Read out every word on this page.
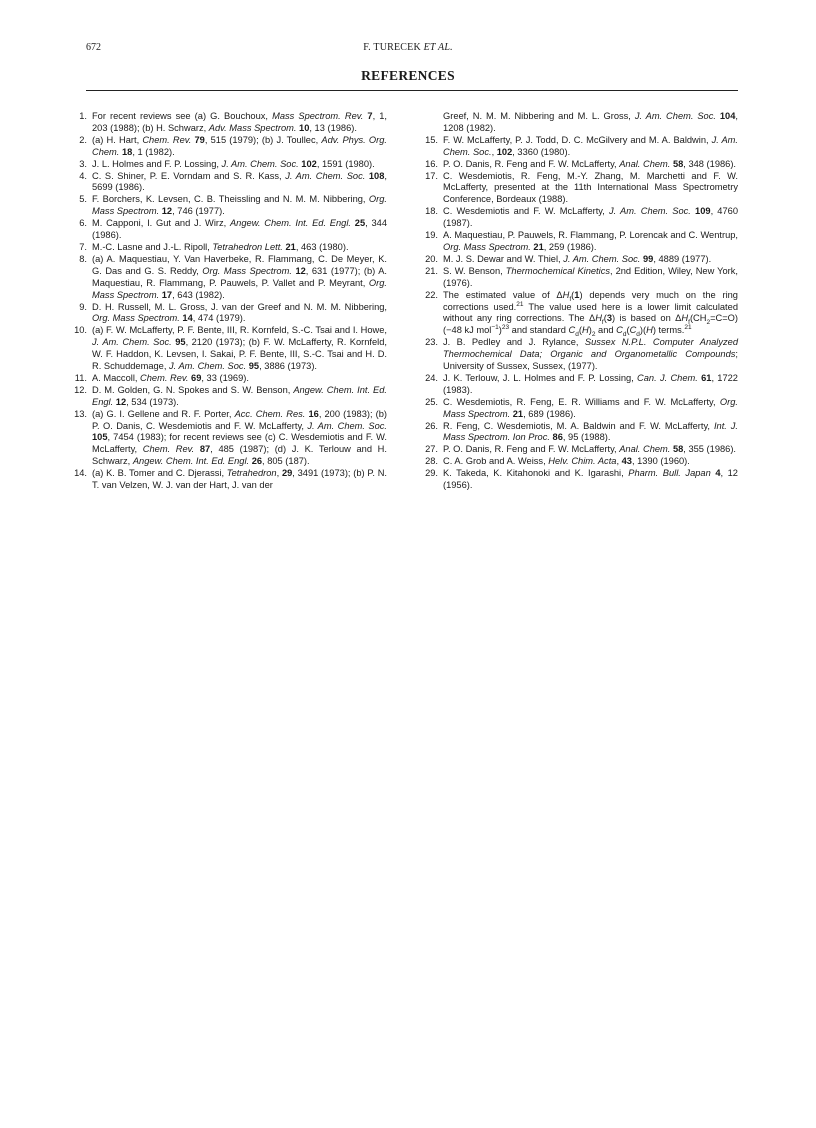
672	F. TURECEK ET AL.
REFERENCES
1. For recent reviews see (a) G. Bouchoux, Mass Spectrom. Rev. 7, 1, 203 (1988); (b) H. Schwarz, Adv. Mass Spectrom. 10, 13 (1986).
2. (a) H. Hart, Chem. Rev. 79, 515 (1979); (b) J. Toullec, Adv. Phys. Org. Chem. 18, 1 (1982).
3. J. L. Holmes and F. P. Lossing, J. Am. Chem. Soc. 102, 1591 (1980).
4. C. S. Shiner, P. E. Vorndam and S. R. Kass, J. Am. Chem. Soc. 108, 5699 (1986).
5. F. Borchers, K. Levsen, C. B. Theissling and N. M. M. Nibbering, Org. Mass Spectrom. 12, 746 (1977).
6. M. Capponi, I. Gut and J. Wirz, Angew. Chem. Int. Ed. Engl. 25, 344 (1986).
7. M.-C. Lasne and J.-L. Ripoll, Tetrahedron Lett. 21, 463 (1980).
8. (a) A. Maquestiau, Y. Van Haverbeke, R. Flammang, C. De Meyer, K. G. Das and G. S. Reddy, Org. Mass Spectrom. 12, 631 (1977); (b) A. Maquestiau, R. Flammang, P. Pauwels, P. Vallet and P. Meyrant, Org. Mass Spectrom. 17, 643 (1982).
9. D. H. Russell, M. L. Gross, J. van der Greef and N. M. M. Nibbering, Org. Mass Spectrom. 14, 474 (1979).
10. (a) F. W. McLafferty, P. F. Bente, III, R. Kornfeld, S.-C. Tsai and I. Howe, J. Am. Chem. Soc. 95, 2120 (1973); (b) F. W. McLafferty, R. Kornfeld, W. F. Haddon, K. Levsen, I. Sakai, P. F. Bente, III, S.-C. Tsai and H. D. R. Schuddemage, J. Am. Chem. Soc. 95, 3886 (1973).
11. A. Maccoll, Chem. Rev. 69, 33 (1969).
12. D. M. Golden, G. N. Spokes and S. W. Benson, Angew. Chem. Int. Ed. Engl. 12, 534 (1973).
13. (a) G. I. Gellene and R. F. Porter, Acc. Chem. Res. 16, 200 (1983); (b) P. O. Danis, C. Wesdemiotis and F. W. McLafferty, J. Am. Chem. Soc. 105, 7454 (1983); for recent reviews see (c) C. Wesdemiotis and F. W. McLafferty, Chem. Rev. 87, 485 (1987); (d) J. K. Terlouw and H. Schwarz, Angew. Chem. Int. Ed. Engl. 26, 805 (187).
14. (a) K. B. Tomer and C. Djerassi, Tetrahedron, 29, 3491 (1973); (b) P. N. T. van Velzen, W. J. van der Hart, J. van der
Greef, N. M. M. Nibbering and M. L. Gross, J. Am. Chem. Soc. 104, 1208 (1982).
15. F. W. McLafferty, P. J. Todd, D. C. McGilvery and M. A. Baldwin, J. Am. Chem. Soc., 102, 3360 (1980).
16. P. O. Danis, R. Feng and F. W. McLafferty, Anal. Chem. 58, 348 (1986).
17. C. Wesdemiotis, R. Feng, M.-Y. Zhang, M. Marchetti and F. W. McLafferty, presented at the 11th International Mass Spectrometry Conference, Bordeaux (1988).
18. C. Wesdemiotis and F. W. McLafferty, J. Am. Chem. Soc. 109, 4760 (1987).
19. A. Maquestiau, P. Pauwels, R. Flammang, P. Lorencak and C. Wentrup, Org. Mass Spectrom. 21, 259 (1986).
20. M. J. S. Dewar and W. Thiel, J. Am. Chem. Soc. 99, 4889 (1977).
21. S. W. Benson, Thermochemical Kinetics, 2nd Edition, Wiley, New York, (1976).
22. The estimated value of $\Delta H_f(1)$ depends very much on the ring corrections used.$^{21}$ The value used here is a lower limit calculated without any ring corrections. The $\Delta H_f(3)$ is based on $\Delta H_f(CH_2=C=O)$ (−48 kJ mol$^{-1}$)$^{23}$ and standard $C_d(H)_2$ and $C_d(C_d)(H)$ terms.$^{21}$
23. J. B. Pedley and J. Rylance, Sussex N.P.L. Computer Analyzed Thermochemical Data; Organic and Organometallic Compounds; University of Sussex, Sussex, (1977).
24. J. K. Terlouw, J. L. Holmes and F. P. Lossing, Can. J. Chem. 61, 1722 (1983).
25. C. Wesdemiotis, R. Feng, E. R. Williams and F. W. McLafferty, Org. Mass Spectrom. 21, 689 (1986).
26. R. Feng, C. Wesdemiotis, M. A. Baldwin and F. W. McLafferty, Int. J. Mass Spectrom. Ion Proc. 86, 95 (1988).
27. P. O. Danis, R. Feng and F. W. McLafferty, Anal. Chem. 58, 355 (1986).
28. C. A. Grob and A. Weiss, Helv. Chim. Acta, 43, 1390 (1960).
29. K. Takeda, K. Kitahonoki and K. Igarashi, Pharm. Bull. Japan 4, 12 (1956).
